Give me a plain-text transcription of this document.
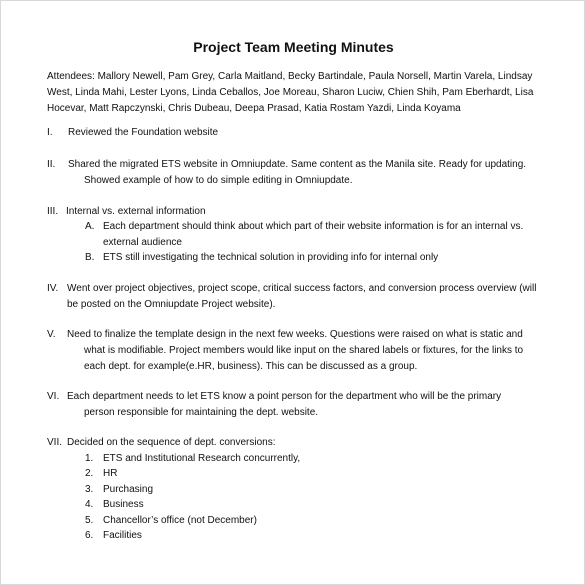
Project Team Meeting Minutes
Attendees: Mallory Newell, Pam Grey, Carla Maitland, Becky Bartindale, Paula Norsell, Martin Varela, Lindsay West, Linda Mahi, Lester Lyons, Linda Ceballos, Joe Moreau, Sharon Luciw, Chien Shih, Pam Eberhardt, Lisa Hocevar, Matt Rapczynski, Chris Dubeau, Deepa Prasad, Katia Rostam Yazdi, Linda Koyama
I. Reviewed the Foundation website
II. Shared the migrated ETS website in Omniupdate. Same content as the Manila site. Ready for updating.
Showed example of how to do simple editing in Omniupdate.
III. Internal vs. external information
A. Each department should think about which part of their website information is for an internal vs. external audience
B. ETS still investigating the technical solution in providing info for internal only
IV. Went over project objectives, project scope, critical success factors, and conversion process overview (will
be posted on the Omniupdate Project website).
V. Need to finalize the template design in the next few weeks. Questions were raised on what is static and
what is modifiable. Project members would like input on the shared labels or fixtures, for the links to each dept. for example(e.HR, business). This can be discussed as a group.
VI. Each department needs to let ETS know a point person for the department who will be the primary
person responsible for maintaining the dept. website.
VII. Decided on the sequence of dept. conversions:
1. ETS and Institutional Research concurrently,
2. HR
3. Purchasing
4. Business
5. Chancellor’s office (not December)
6. Facilities
